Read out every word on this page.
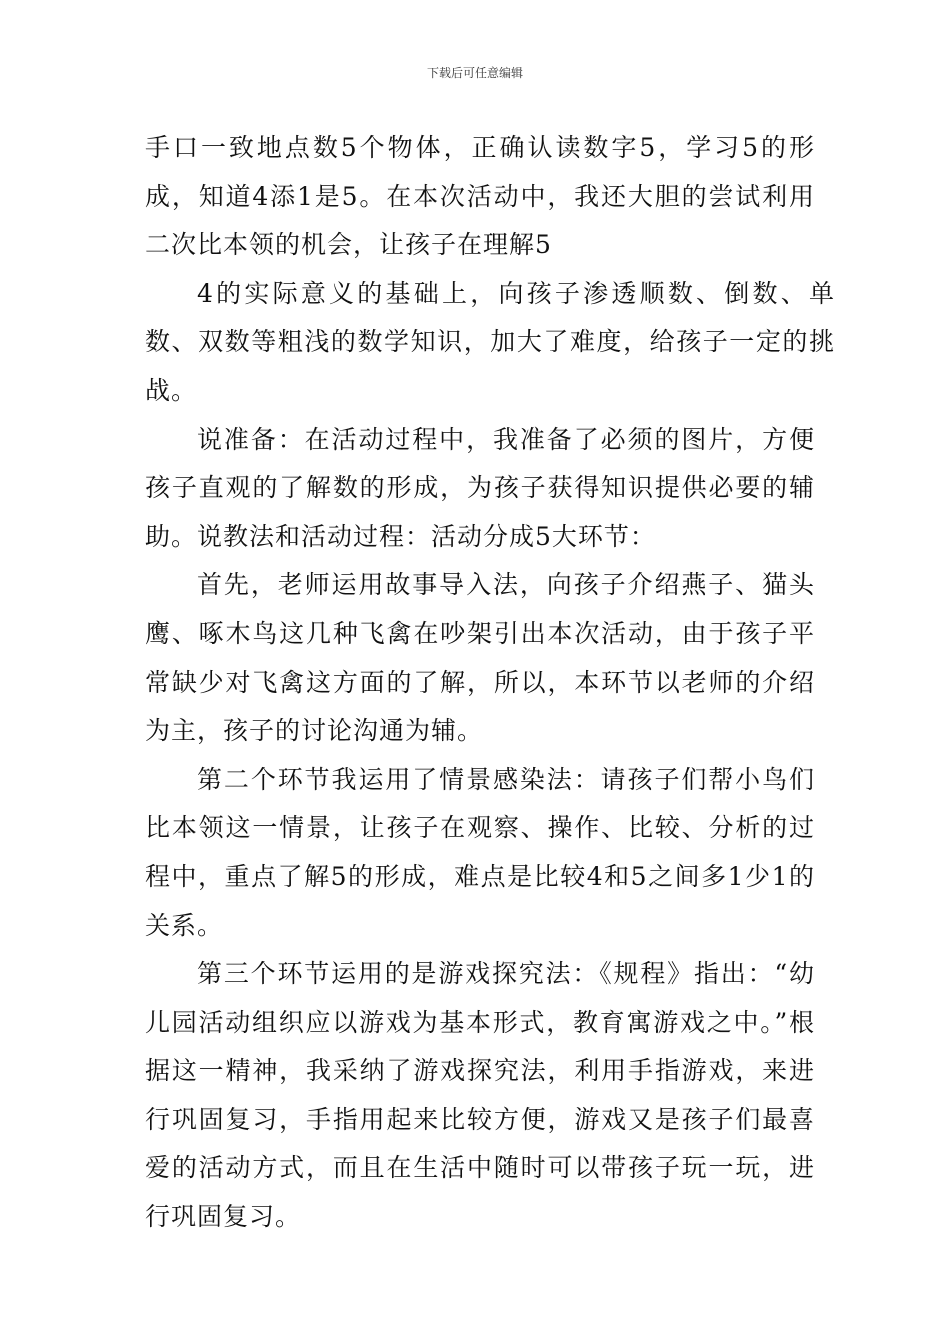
下载后可任意编辑

手口一致地点数5个物体，正确认读数字5，学习5的形成，知道4添1是5。在本次活动中，我还大胆的尝试利用二次比本领的机会，让孩子在理解5

4的实际意义的基础上，向孩子渗透顺数、倒数、单数、双数等粗浅的数学知识，加大了难度，给孩子一定的挑战。

说准备：在活动过程中，我准备了必须的图片，方便孩子直观的了解数的形成，为孩子获得知识提供必要的辅助。说教法和活动过程：活动分成5大环节：

首先，老师运用故事导入法，向孩子介绍燕子、猫头鹰、啄木鸟这几种飞禽在吵架引出本次活动，由于孩子平常缺少对飞禽这方面的了解，所以，本环节以老师的介绍为主，孩子的讨论沟通为辅。

第二个环节我运用了情景感染法：请孩子们帮小鸟们比本领这一情景，让孩子在观察、操作、比较、分析的过程中，重点了解5的形成，难点是比较4和5之间多1少1的关系。

第三个环节运用的是游戏探究法：《规程》指出：“幼儿园活动组织应以游戏为基本形式，教育寓游戏之中。”根据这一精神，我采纳了游戏探究法，利用手指游戏，来进行巩固复习，手指用起来比较方便，游戏又是孩子们最喜爱的活动方式，而且在生活中随时可以带孩子玩一玩，进行巩固复习。
